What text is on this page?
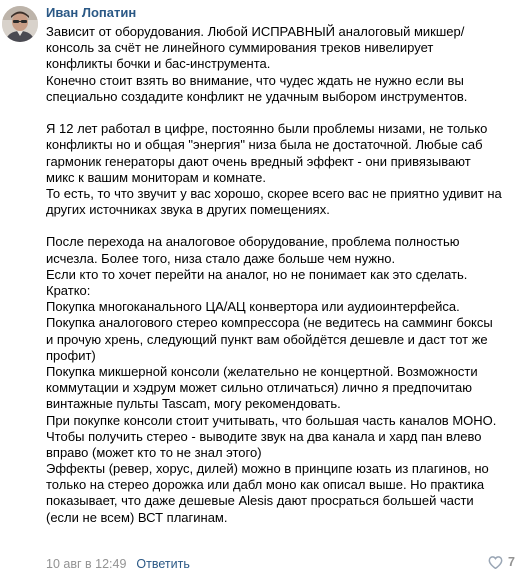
Иван Лопатин
Зависит от оборудования. Любой ИСПРАВНЫЙ аналоговый микшер/
консоль за счёт не линейного суммирования треков нивелирует
конфликты бочки и бас-инструмента.
Конечно стоит взять во внимание, что чудес ждать не нужно если вы
специально создадите конфликт не удачным выбором инструментов.
Я 12 лет работал в цифре, постоянно были проблемы низами, не только
конфликты но и общая "энергия" низа была не достаточной. Любые саб
гармоник генераторы дают очень вредный эффект - они привязывают
микс к вашим мониторам и комнате.
То есть, то что звучит у вас хорошо, скорее всего вас не приятно удивит на
других источниках звука в других помещениях.
После перехода на аналоговое оборудование, проблема полностью
исчезла. Более того, низа стало даже больше чем нужно.
Если кто то хочет перейти на аналог, но не понимает как это сделать.
Кратко:
Покупка многоканального ЦА/АЦ конвертора или аудиоинтерфейса.
Покупка аналогового стерео компрессора (не ведитесь на самминг боксы
и прочую хрень, следующий пункт вам обойдётся дешевле и даст тот же
профит)
Покупка микшерной консоли (желательно не концертной. Возможности
коммутации и хэдрум может сильно отличаться) лично я предпочитаю
винтажные пульты Tascam, могу рекомендовать.
При покупке консоли стоит учитывать, что большая часть каналов МОНО.
Чтобы получить стерео - выводите звук на два канала и хард пан влево
вправо (может кто то не знал этого)
Эффекты (ревер, хорус, дилей) можно в принципе юзать из плагинов, но
только на стерео дорожка или дабл моно как описал выше. Но практика
показывает, что даже дешевые Alesis дают просраться большей части
(если не всем) ВСТ плагинам.
10 авг в 12:49 Ответить	7
